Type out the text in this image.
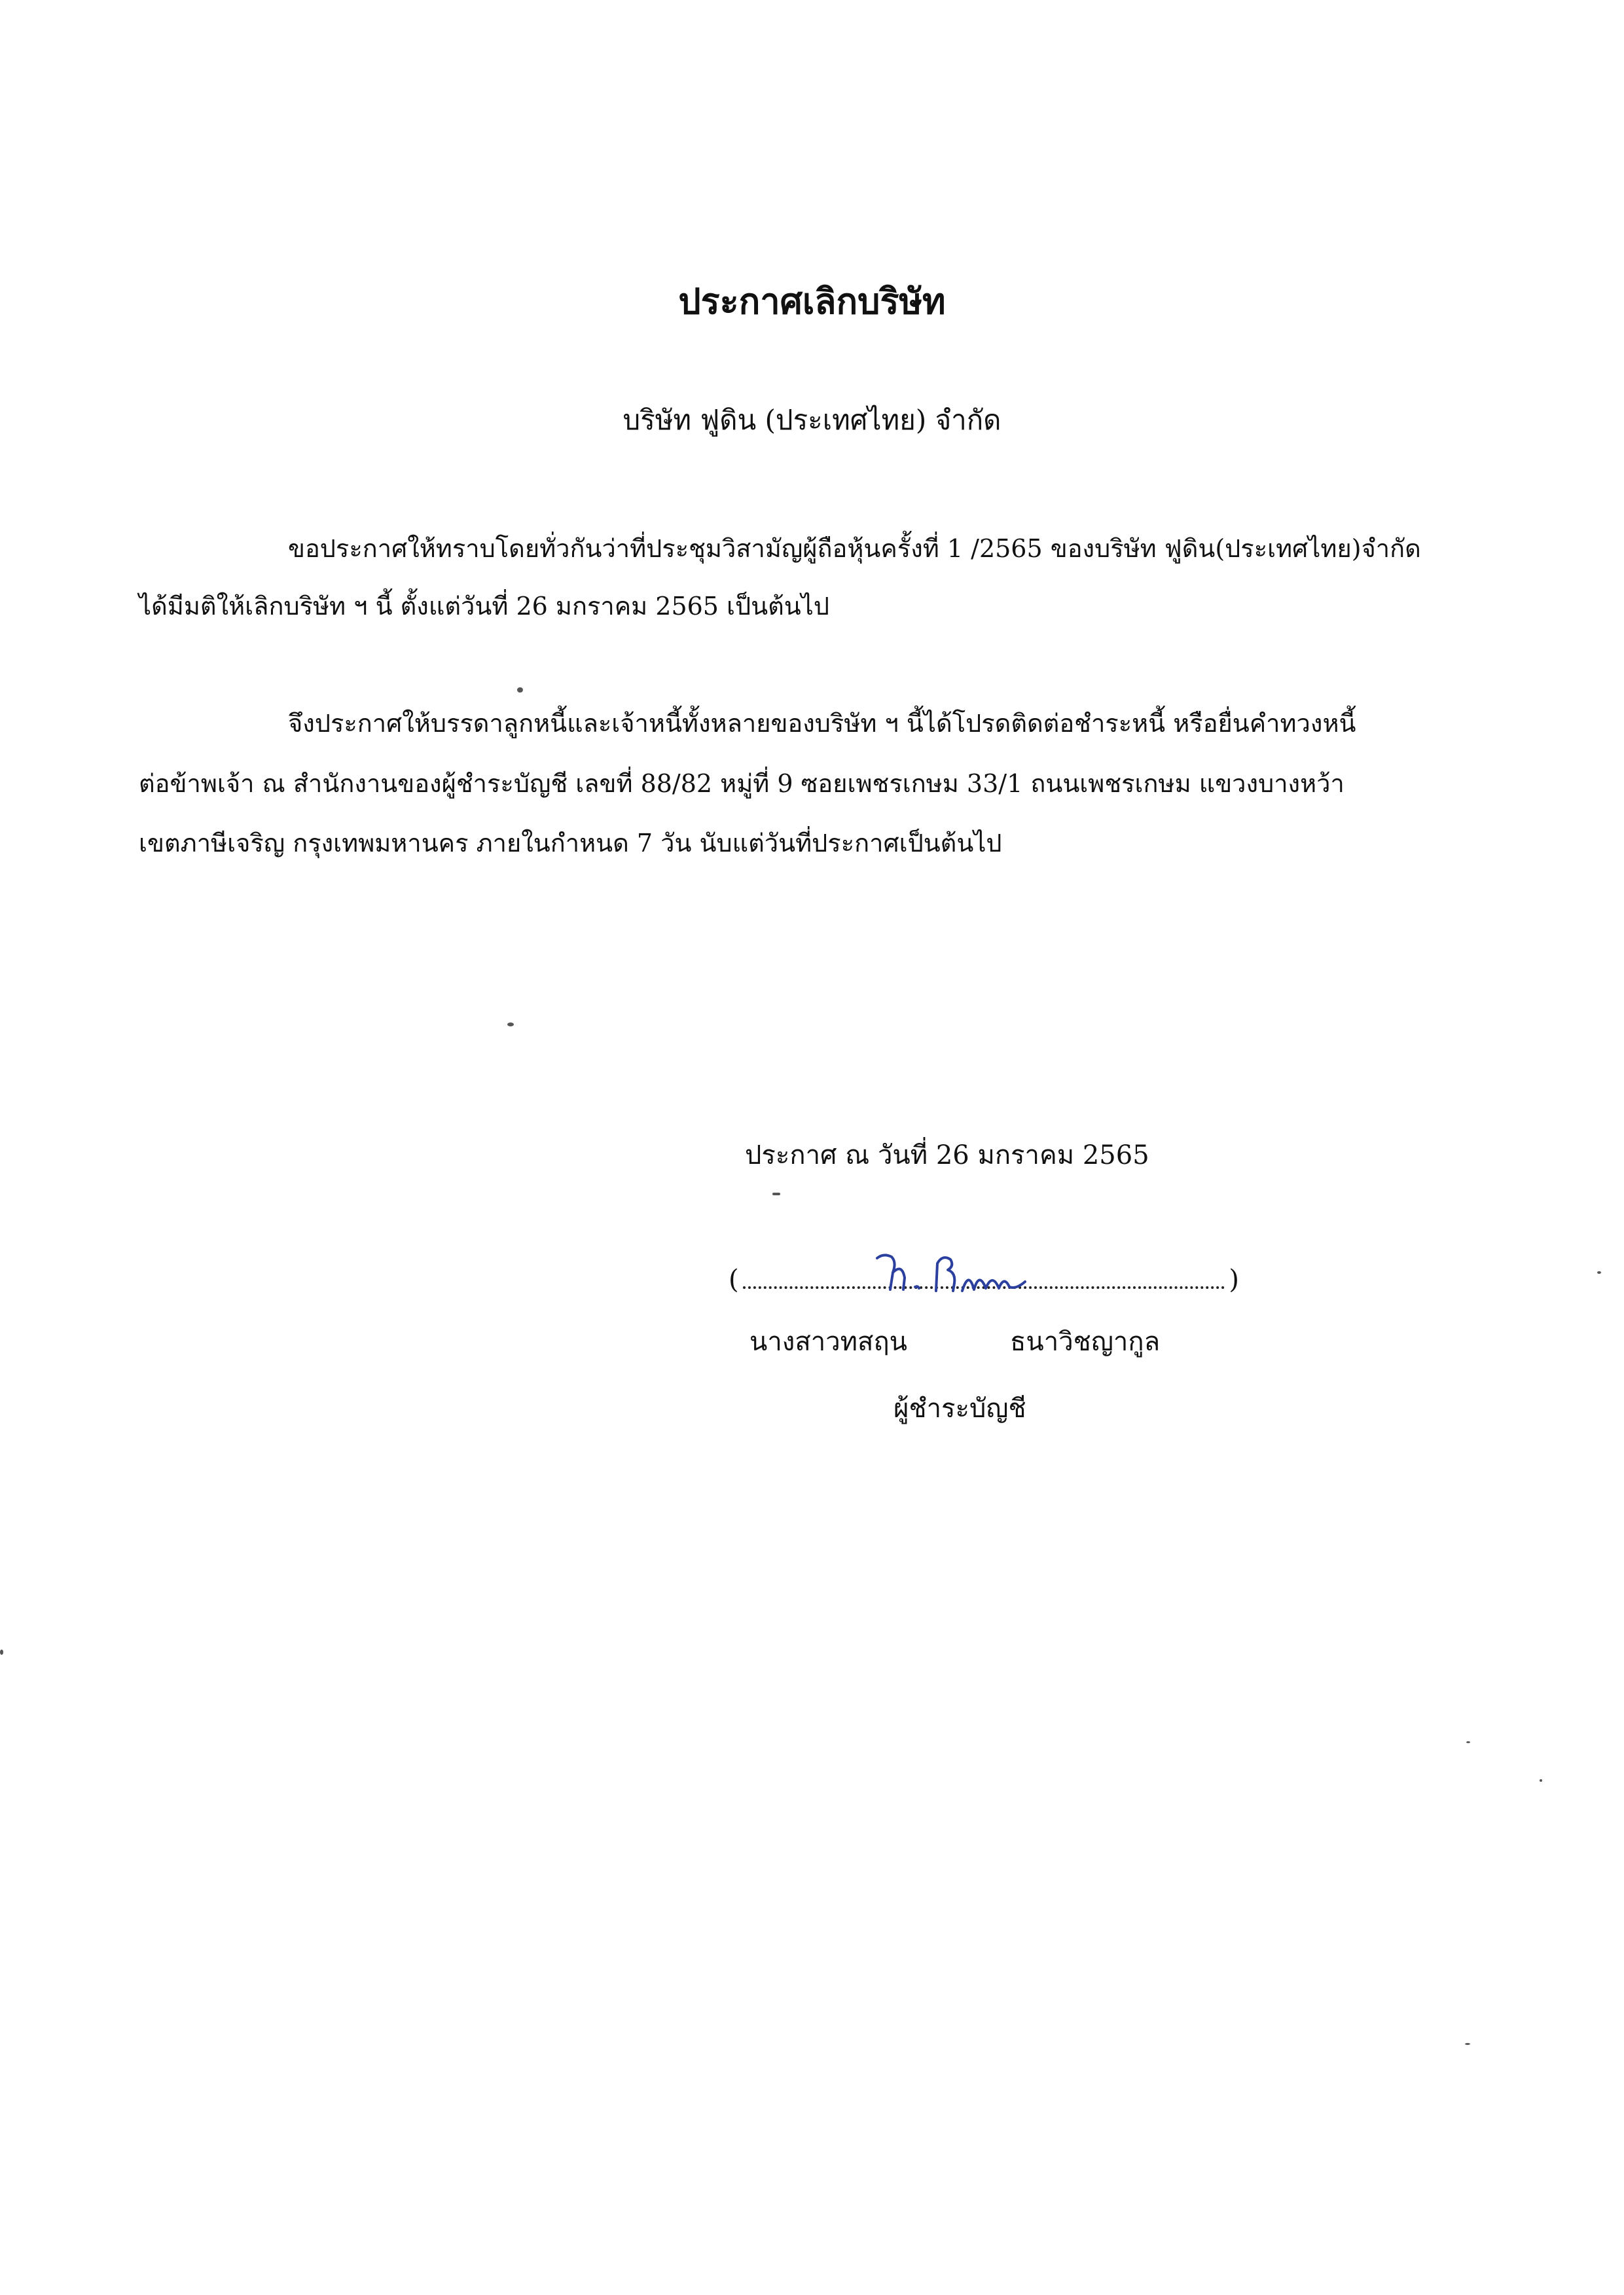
ประกาศเลิกบริษัท
บริษัท ฟูดิน (ประเทศไทย) จำกัด
ขอประกาศให้ทราบโดยทั่วกันว่าที่ประชุมวิสามัญผู้ถือหุ้นครั้งที่ 1 /2565 ของบริษัท ฟูดิน(ประเทศไทย)จำกัด
ได้มีมติให้เลิกบริษัท ฯ นี้ ตั้งแต่วันที่ 26 มกราคม 2565 เป็นต้นไป
จึงประกาศให้บรรดาลูกหนี้และเจ้าหนี้ทั้งหลายของบริษัท ฯ นี้ได้โปรดติดต่อชำระหนี้ หรือยื่นคำทวงหนี้
ต่อข้าพเจ้า ณ สำนักงานของผู้ชำระบัญชี เลขที่ 88/82 หมู่ที่ 9 ซอยเพชรเกษม 33/1 ถนนเพชรเกษม แขวงบางหว้า
เขตภาษีเจริญ กรุงเทพมหานคร ภายในกำหนด 7 วัน นับแต่วันที่ประกาศเป็นต้นไป
ประกาศ ณ วันที่ 26 มกราคม 2565
(	)
นางสาวทสฤน	ธนาวิชญากูล
ผู้ชำระบัญชี
